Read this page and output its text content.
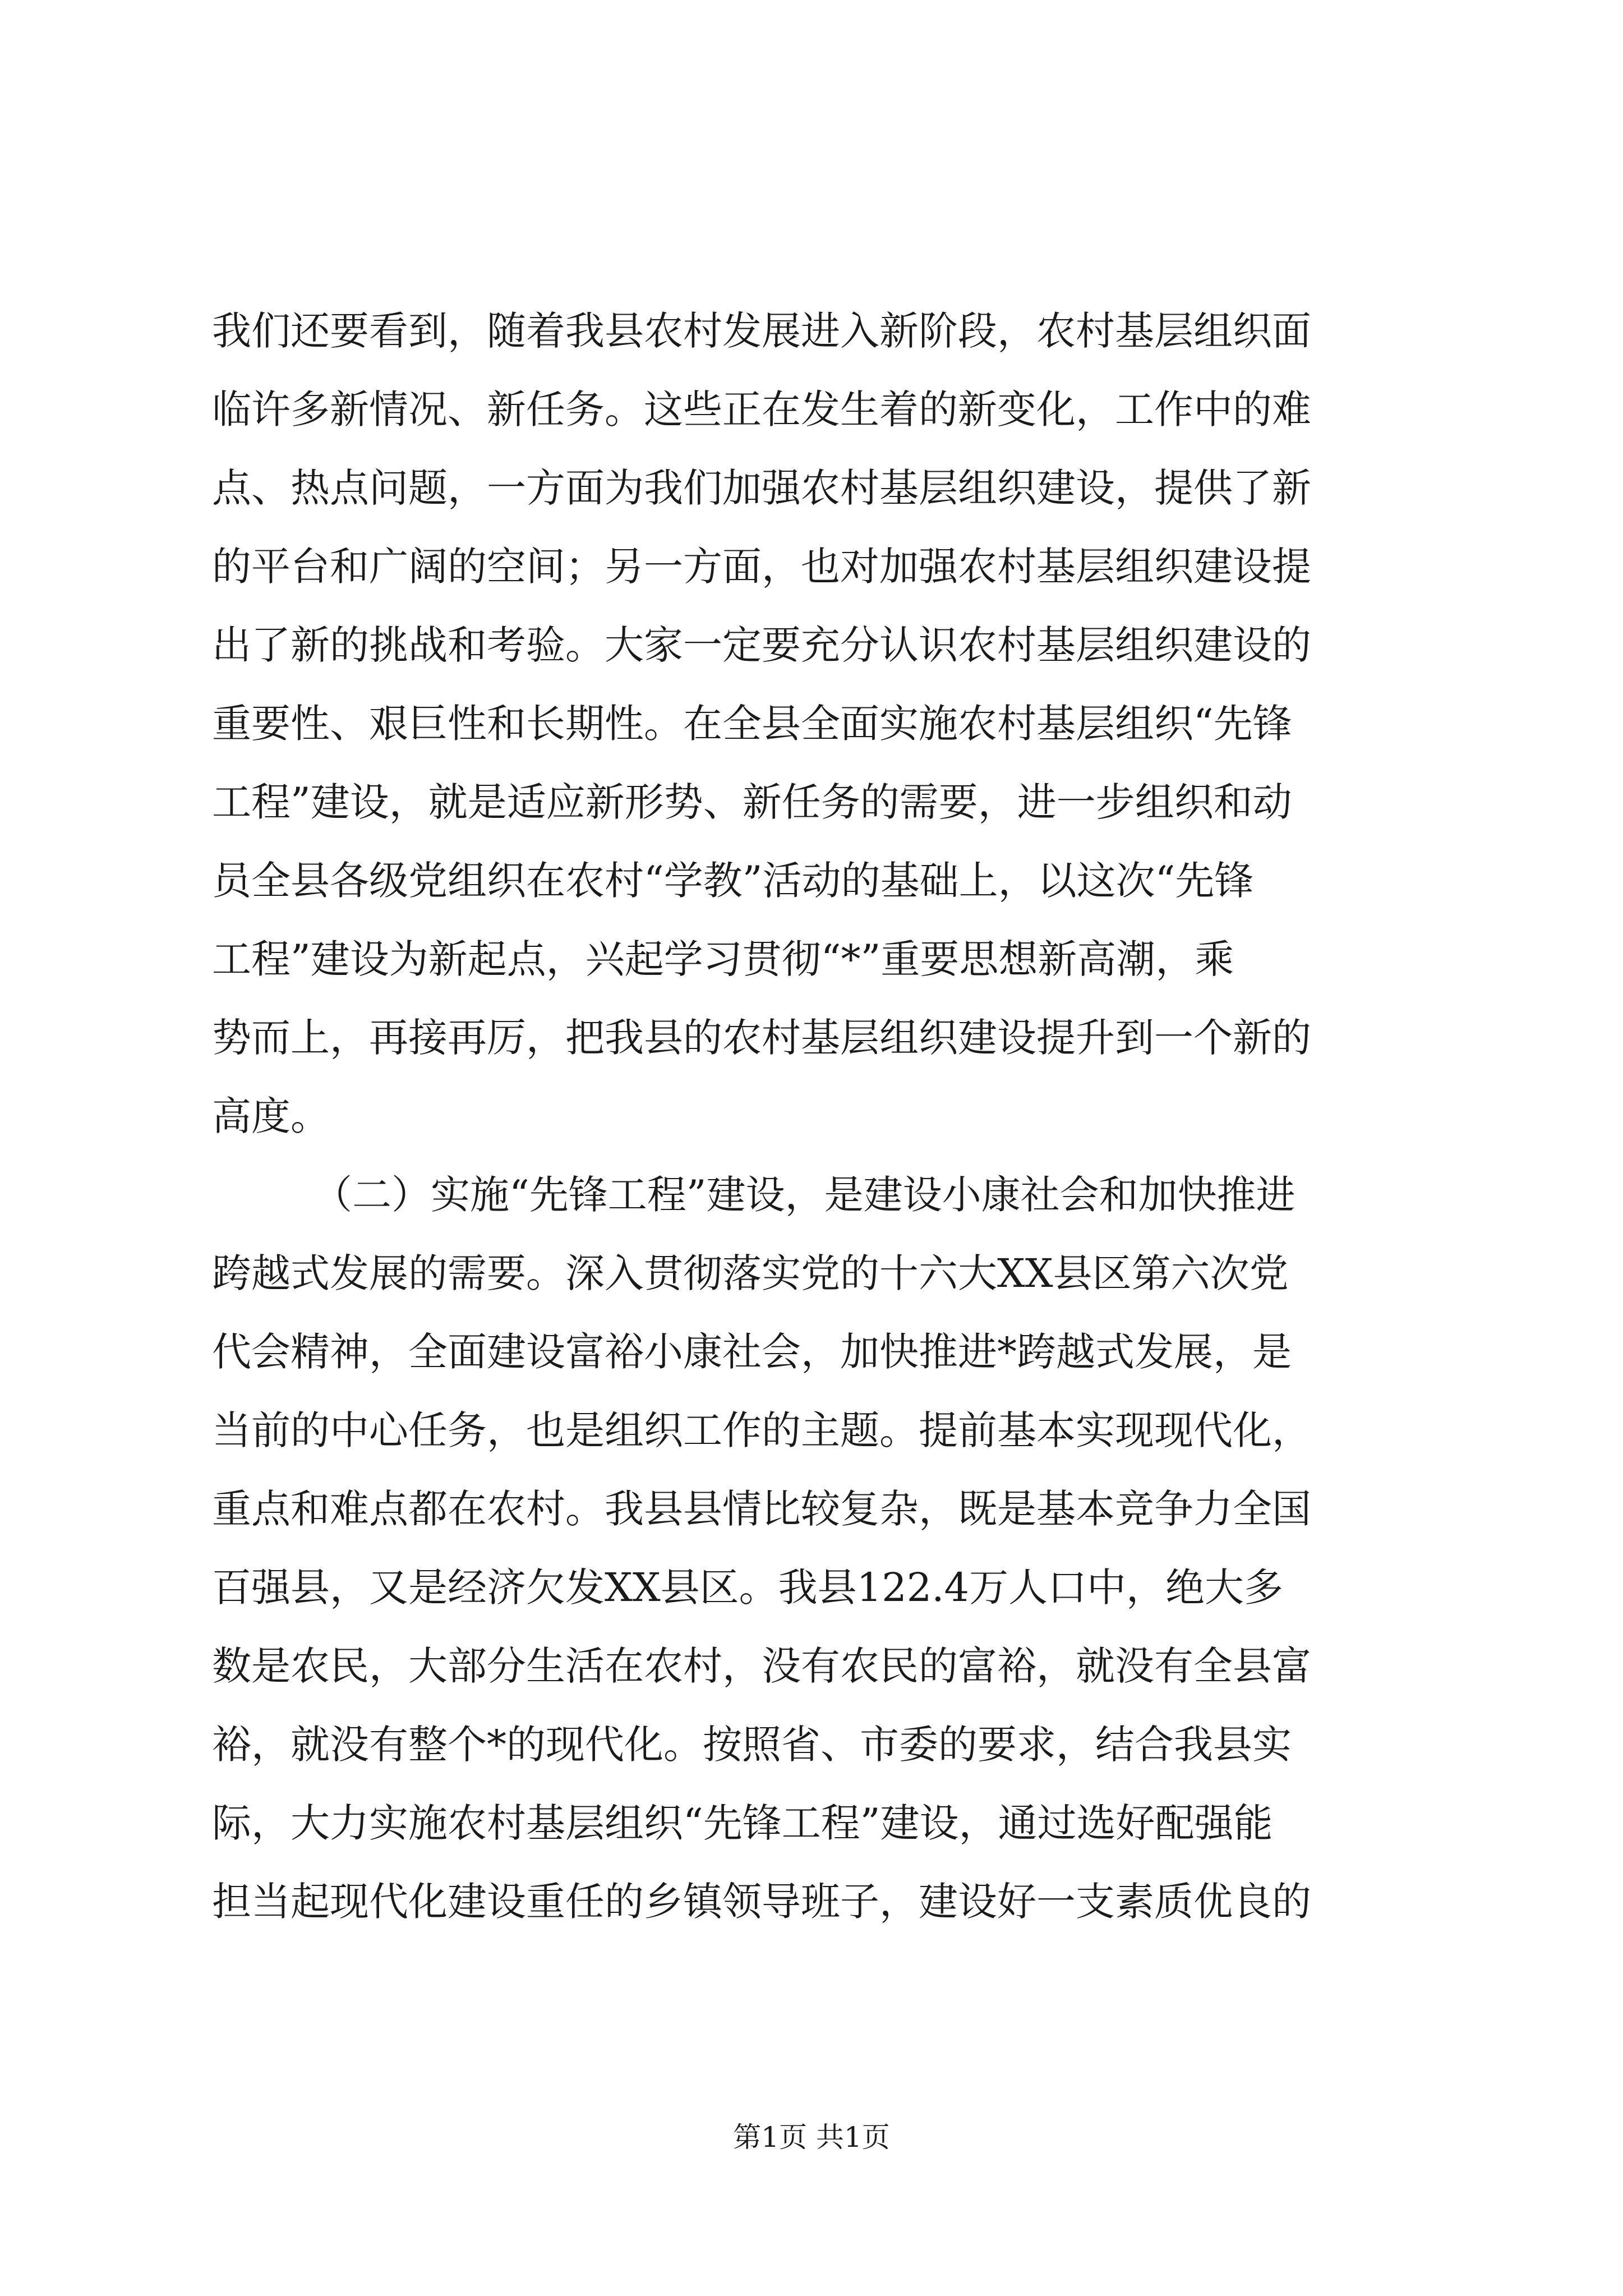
我们还要看到，随着我县农村发展进入新阶段，农村基层组织面
临许多新情况、新任务。这些正在发生着的新变化，工作中的难
点、热点问题，一方面为我们加强农村基层组织建设，提供了新
的平台和广阔的空间；另一方面，也对加强农村基层组织建设提
出了新的挑战和考验。大家一定要充分认识农村基层组织建设的
重要性、艰巨性和长期性。在全县全面实施农村基层组织“先锋
工程”建设，就是适应新形势、新任务的需要，进一步组织和动
员全县各级党组织在农村“学教”活动的基础上，以这次“先锋
工程”建设为新起点，兴起学习贯彻“*”重要思想新高潮，乘
势而上，再接再厉，把我县的农村基层组织建设提升到一个新的
高度。
（二）实施“先锋工程”建设，是建设小康社会和加快推进
跨越式发展的需要。深入贯彻落实党的十六大XX县区第六次党
代会精神，全面建设富裕小康社会，加快推进*跨越式发展，是
当前的中心任务，也是组织工作的主题。提前基本实现现代化，
重点和难点都在农村。我县县情比较复杂，既是基本竞争力全国
百强县，又是经济欠发XX县区。我县122.4万人口中，绝大多
数是农民，大部分生活在农村，没有农民的富裕，就没有全县富
裕，就没有整个*的现代化。按照省、市委的要求，结合我县实
际，大力实施农村基层组织“先锋工程”建设，通过选好配强能
担当起现代化建设重任的乡镇领导班子，建设好一支素质优良的
第1页 共1页
